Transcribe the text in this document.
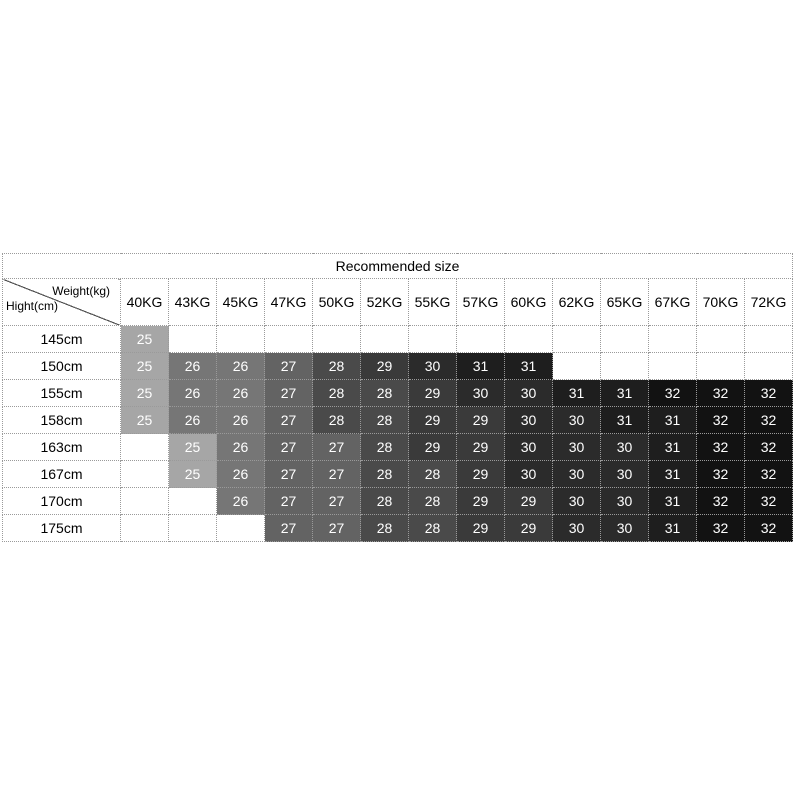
Recommended size														

Weight(kg)
Hight(cm)	40KG	43KG	45KG	47KG	50KG	52KG	55KG	57KG	60KG	62KG	65KG	67KG	70KG	72KG
145cm	25													
150cm	25	26	26	27	28	29	30	31	31					
155cm	25	26	26	27	28	28	29	30	30	31	31	32	32	32
158cm	25	26	26	27	28	28	29	29	30	30	31	31	32	32
163cm		25	26	27	27	28	29	29	30	30	30	31	32	32
167cm		25	26	27	27	28	28	29	30	30	30	31	32	32
170cm			26	27	27	28	28	29	29	30	30	31	32	32
175cm				27	27	28	28	29	29	30	30	31	32	32
